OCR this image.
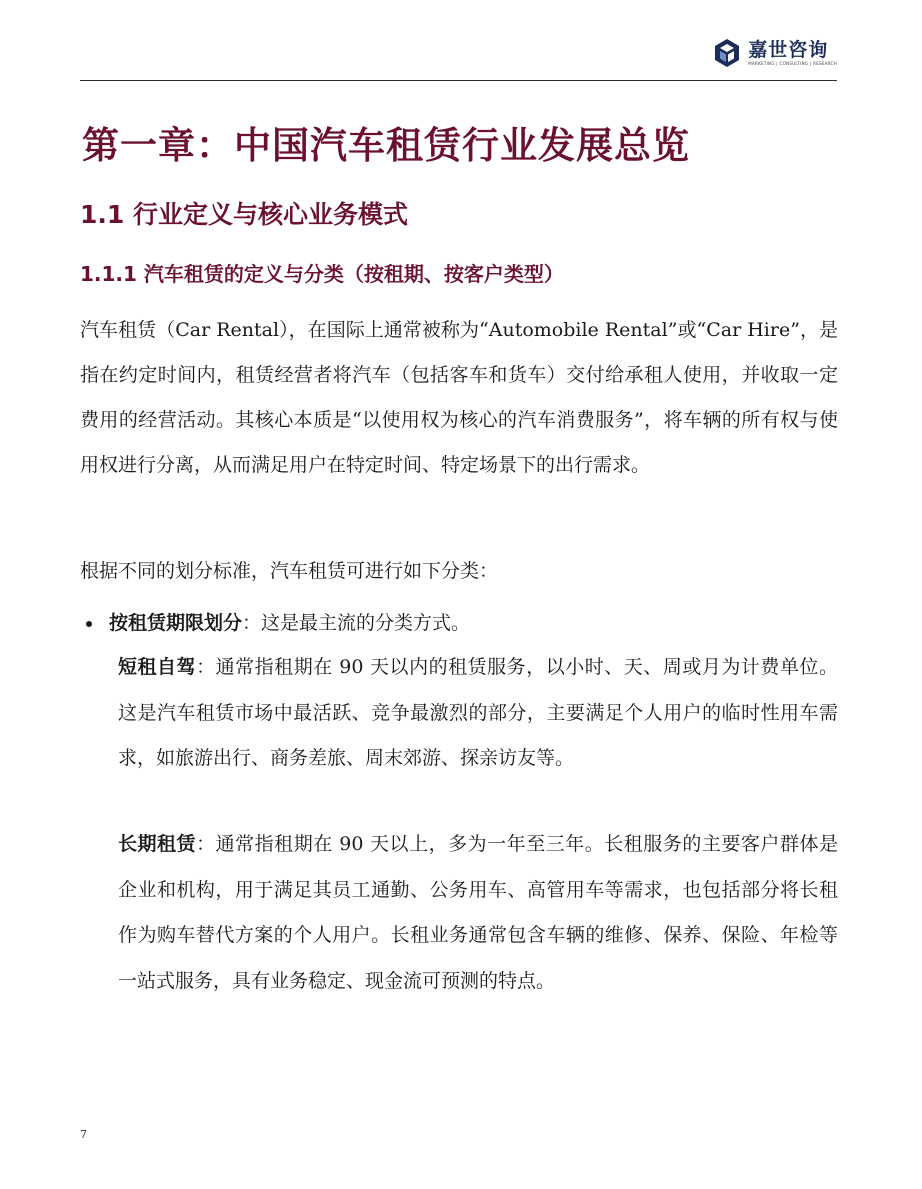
嘉世咨询
MARKETING | CONSULTING | RESEARCH
第一章：中国汽车租赁行业发展总览
1.1 行业定义与核心业务模式
1.1.1 汽车租赁的定义与分类（按租期、按客户类型）

汽车租赁（Car Rental），在国际上通常被称为“Automobile Rental”或“Car Hire”，是指在约定时间内，租赁经营者将汽车（包括客车和货车）交付给承租人使用，并收取一定费用的经营活动。其核心本质是“以使用权为核心的汽车消费服务”，将车辆的所有权与使用权进行分离，从而满足用户在特定时间、特定场景下的出行需求。

根据不同的划分标准，汽车租赁可进行如下分类：

按租赁期限划分：这是最主流的分类方式。

短租自驾：通常指租期在 90 天以内的租赁服务，以小时、天、周或月为计费单位。这是汽车租赁市场中最活跃、竞争最激烈的部分，主要满足个人用户的临时性用车需求，如旅游出行、商务差旅、周末郊游、探亲访友等。

长期租赁：通常指租期在 90 天以上，多为一年至三年。长租服务的主要客户群体是企业和机构，用于满足其员工通勤、公务用车、高管用车等需求，也包括部分将长租作为购车替代方案的个人用户。长租业务通常包含车辆的维修、保养、保险、年检等一站式服务，具有业务稳定、现金流可预测的特点。

7
